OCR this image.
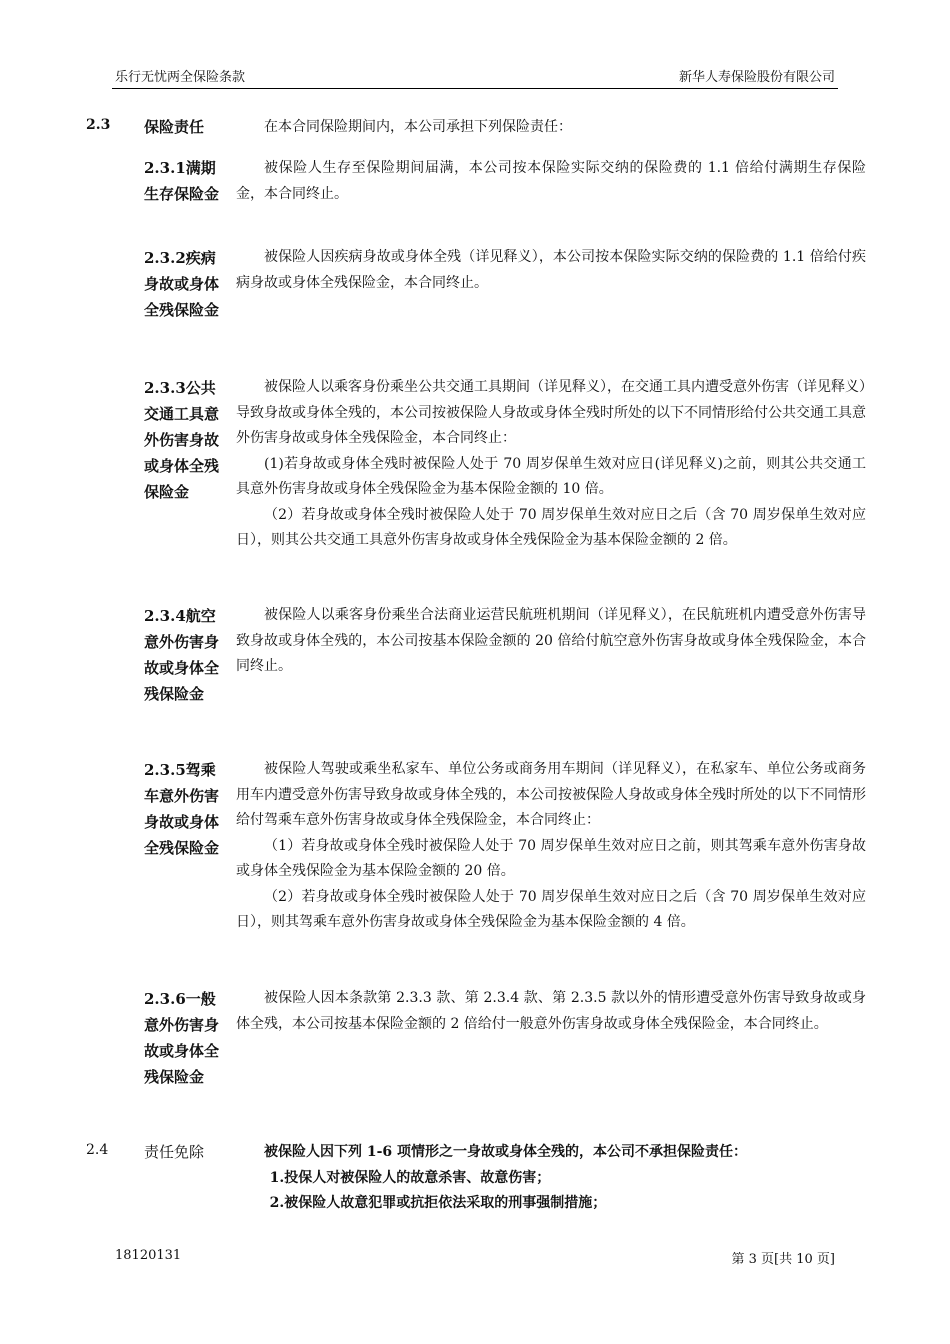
乐行无忧两全保险条款	新华人寿保险股份有限公司
2.3 保险责任	在本合同保险期间内，本公司承担下列保险责任：

2.3.1满期生存保险金

被保险人生存至保险期间届满，本公司按本保险实际交纳的保险费的 1.1 倍给付满期生存保险金，本合同终止。

2.3.2疾病身故或身体全残保险金

被保险人因疾病身故或身体全残（详见释义），本公司按本保险实际交纳的保险费的 1.1 倍给付疾病身故或身体全残保险金，本合同终止。

2.3.3公共交通工具意外伤害身故或身体全残保险金

被保险人以乘客身份乘坐公共交通工具期间（详见释义），在交通工具内遭受意外伤害（详见释义）导致身故或身体全残的，本公司按被保险人身故或身体全残时所处的以下不同情形给付公共交通工具意外伤害身故或身体全残保险金，本合同终止：

(1)若身故或身体全残时被保险人处于 70 周岁保单生效对应日(详见释义)之前，则其公共交通工具意外伤害身故或身体全残保险金为基本保险金额的 10 倍。

（2）若身故或身体全残时被保险人处于 70 周岁保单生效对应日之后（含 70 周岁保单生效对应日），则其公共交通工具意外伤害身故或身体全残保险金为基本保险金额的 2 倍。

2.3.4航空意外伤害身故或身体全残保险金

被保险人以乘客身份乘坐合法商业运营民航班机期间（详见释义），在民航班机内遭受意外伤害导致身故或身体全残的，本公司按基本保险金额的 20 倍给付航空意外伤害身故或身体全残保险金，本合同终止。

2.3.5驾乘车意外伤害身故或身体全残保险金

被保险人驾驶或乘坐私家车、单位公务或商务用车期间（详见释义），在私家车、单位公务或商务用车内遭受意外伤害导致身故或身体全残的，本公司按被保险人身故或身体全残时所处的以下不同情形给付驾乘车意外伤害身故或身体全残保险金，本合同终止：

（1）若身故或身体全残时被保险人处于 70 周岁保单生效对应日之前，则其驾乘车意外伤害身故或身体全残保险金为基本保险金额的 20 倍。

（2）若身故或身体全残时被保险人处于 70 周岁保单生效对应日之后（含 70 周岁保单生效对应日），则其驾乘车意外伤害身故或身体全残保险金为基本保险金额的 4 倍。

2.3.6一般意外伤害身故或身体全残保险金

被保险人因本条款第 2.3.3 款、第 2.3.4 款、第 2.3.5 款以外的情形遭受意外伤害导致身故或身体全残，本公司按基本保险金额的 2 倍给付一般意外伤害身故或身体全残保险金，本合同终止。

2.4 责任免除	被保险人因下列 1-6 项情形之一身故或身体全残的，本公司不承担保险责任：

1.投保人对被保险人的故意杀害、故意伤害；

2.被保险人故意犯罪或抗拒依法采取的刑事强制措施；

18120131	第 3 页[共 10 页]
